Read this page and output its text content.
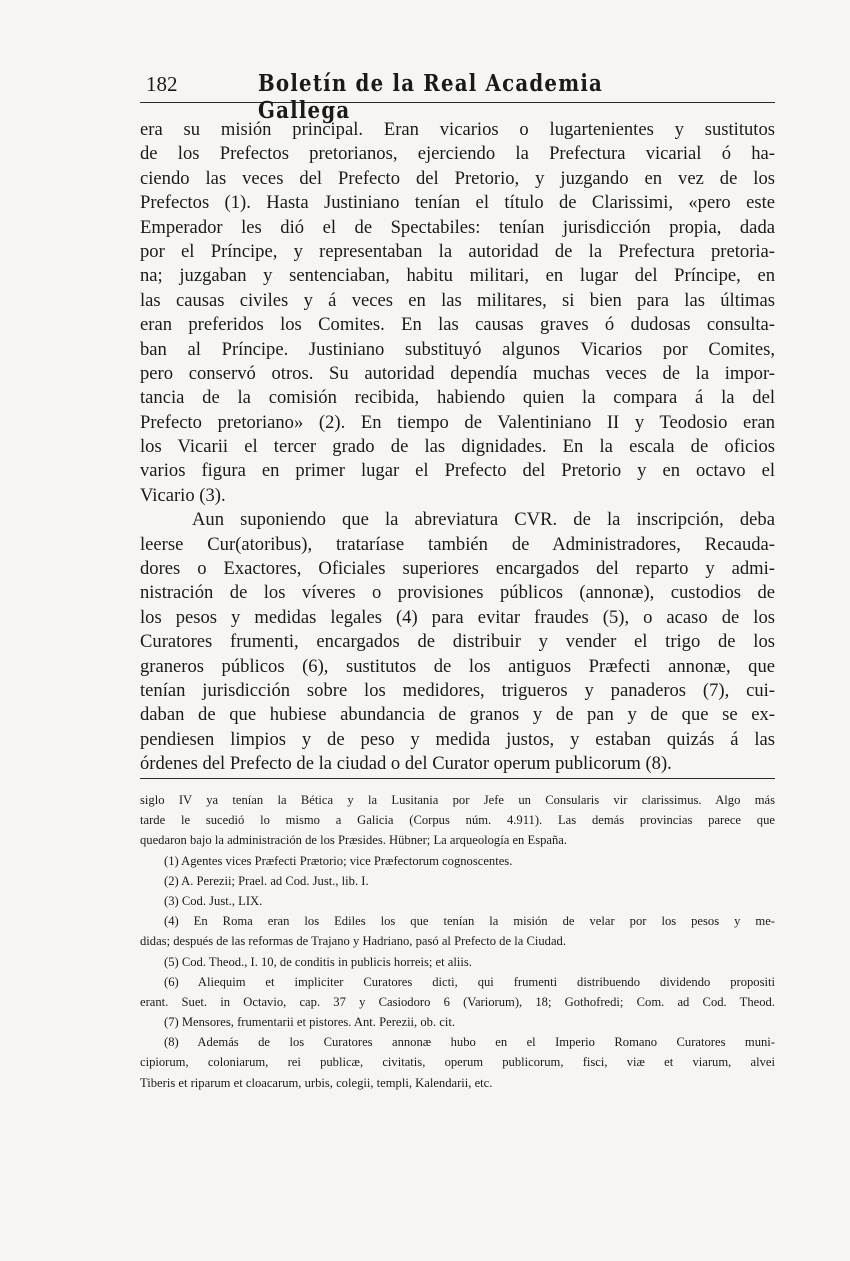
182	Boletín de la Real Academia Gallega
era su misión principal. Eran vicarios o lugartenientes y sustitutos
de los Prefectos pretorianos, ejerciendo la Prefectura vicarial ó ha-
ciendo las veces del Prefecto del Pretorio, y juzgando en vez de los
Prefectos (1). Hasta Justiniano tenían el título de Clarissimi, «pero este
Emperador les dió el de Spectabiles: tenían jurisdicción propia, dada
por el Príncipe, y representaban la autoridad de la Prefectura pretoria-
na; juzgaban y sentenciaban, habitu militari, en lugar del Príncipe, en
las causas civiles y á veces en las militares, si bien para las últimas
eran preferidos los Comites. En las causas graves ó dudosas consulta-
ban al Príncipe. Justiniano substituyó algunos Vicarios por Comites,
pero conservó otros. Su autoridad dependía muchas veces de la impor-
tancia de la comisión recibida, habiendo quien la compara á la del
Prefecto pretoriano» (2). En tiempo de Valentiniano II y Teodosio eran
los Vicarii el tercer grado de las dignidades. En la escala de oficios
varios figura en primer lugar el Prefecto del Pretorio y en octavo el
Vicario (3).
Aun suponiendo que la abreviatura CVR. de la inscripción, deba
leerse Cur(atoribus), trataríase también de Administradores, Recauda-
dores o Exactores, Oficiales superiores encargados del reparto y admi-
nistración de los víveres o provisiones públicos (annonæ), custodios de
los pesos y medidas legales (4) para evitar fraudes (5), o acaso de los
Curatores frumenti, encargados de distribuir y vender el trigo de los
graneros públicos (6), sustitutos de los antiguos Præfecti annonæ, que
tenían jurisdicción sobre los medidores, trigueros y panaderos (7), cui-
daban de que hubiese abundancia de granos y de pan y de que se ex-
pendiesen limpios y de peso y medida justos, y estaban quizás á las
órdenes del Prefecto de la ciudad o del Curator operum publicorum (8).
siglo IV ya tenían la Bética y la Lusitania por Jefe un Consularis vir clarissimus. Algo más
tarde le sucedió lo mismo a Galicia (Corpus núm. 4.911). Las demás provincias parece que
quedaron bajo la administración de los Præsides. Hübner; La arqueología en España.
(1) Agentes vices Præfecti Prætorio; vice Præfectorum cognoscentes.
(2) A. Perezii; Prael. ad Cod. Just., lib. I.
(3) Cod. Just., LIX.
(4) En Roma eran los Ediles los que tenían la misión de velar por los pesos y me-
didas; después de las reformas de Trajano y Hadriano, pasó al Prefecto de la Ciudad.
(5) Cod. Theod., I. 10, de conditis in publicis horreis; et aliis.
(6) Aliequim et impliciter Curatores dicti, qui frumenti distribuendo dividendo propositi
erant. Suet. in Octavio, cap. 37 y Casiodoro 6 (Variorum), 18; Gothofredi; Com. ad Cod. Theod.
(7) Mensores, frumentarii et pistores. Ant. Perezii, ob. cit.
(8) Además de los Curatores annonæ hubo en el Imperio Romano Curatores muni-
cipiorum, coloniarum, rei publicæ, civitatis, operum publicorum, fisci, viæ et viarum, alvei
Tiberis et riparum et cloacarum, urbis, colegii, templi, Kalendarii, etc.
